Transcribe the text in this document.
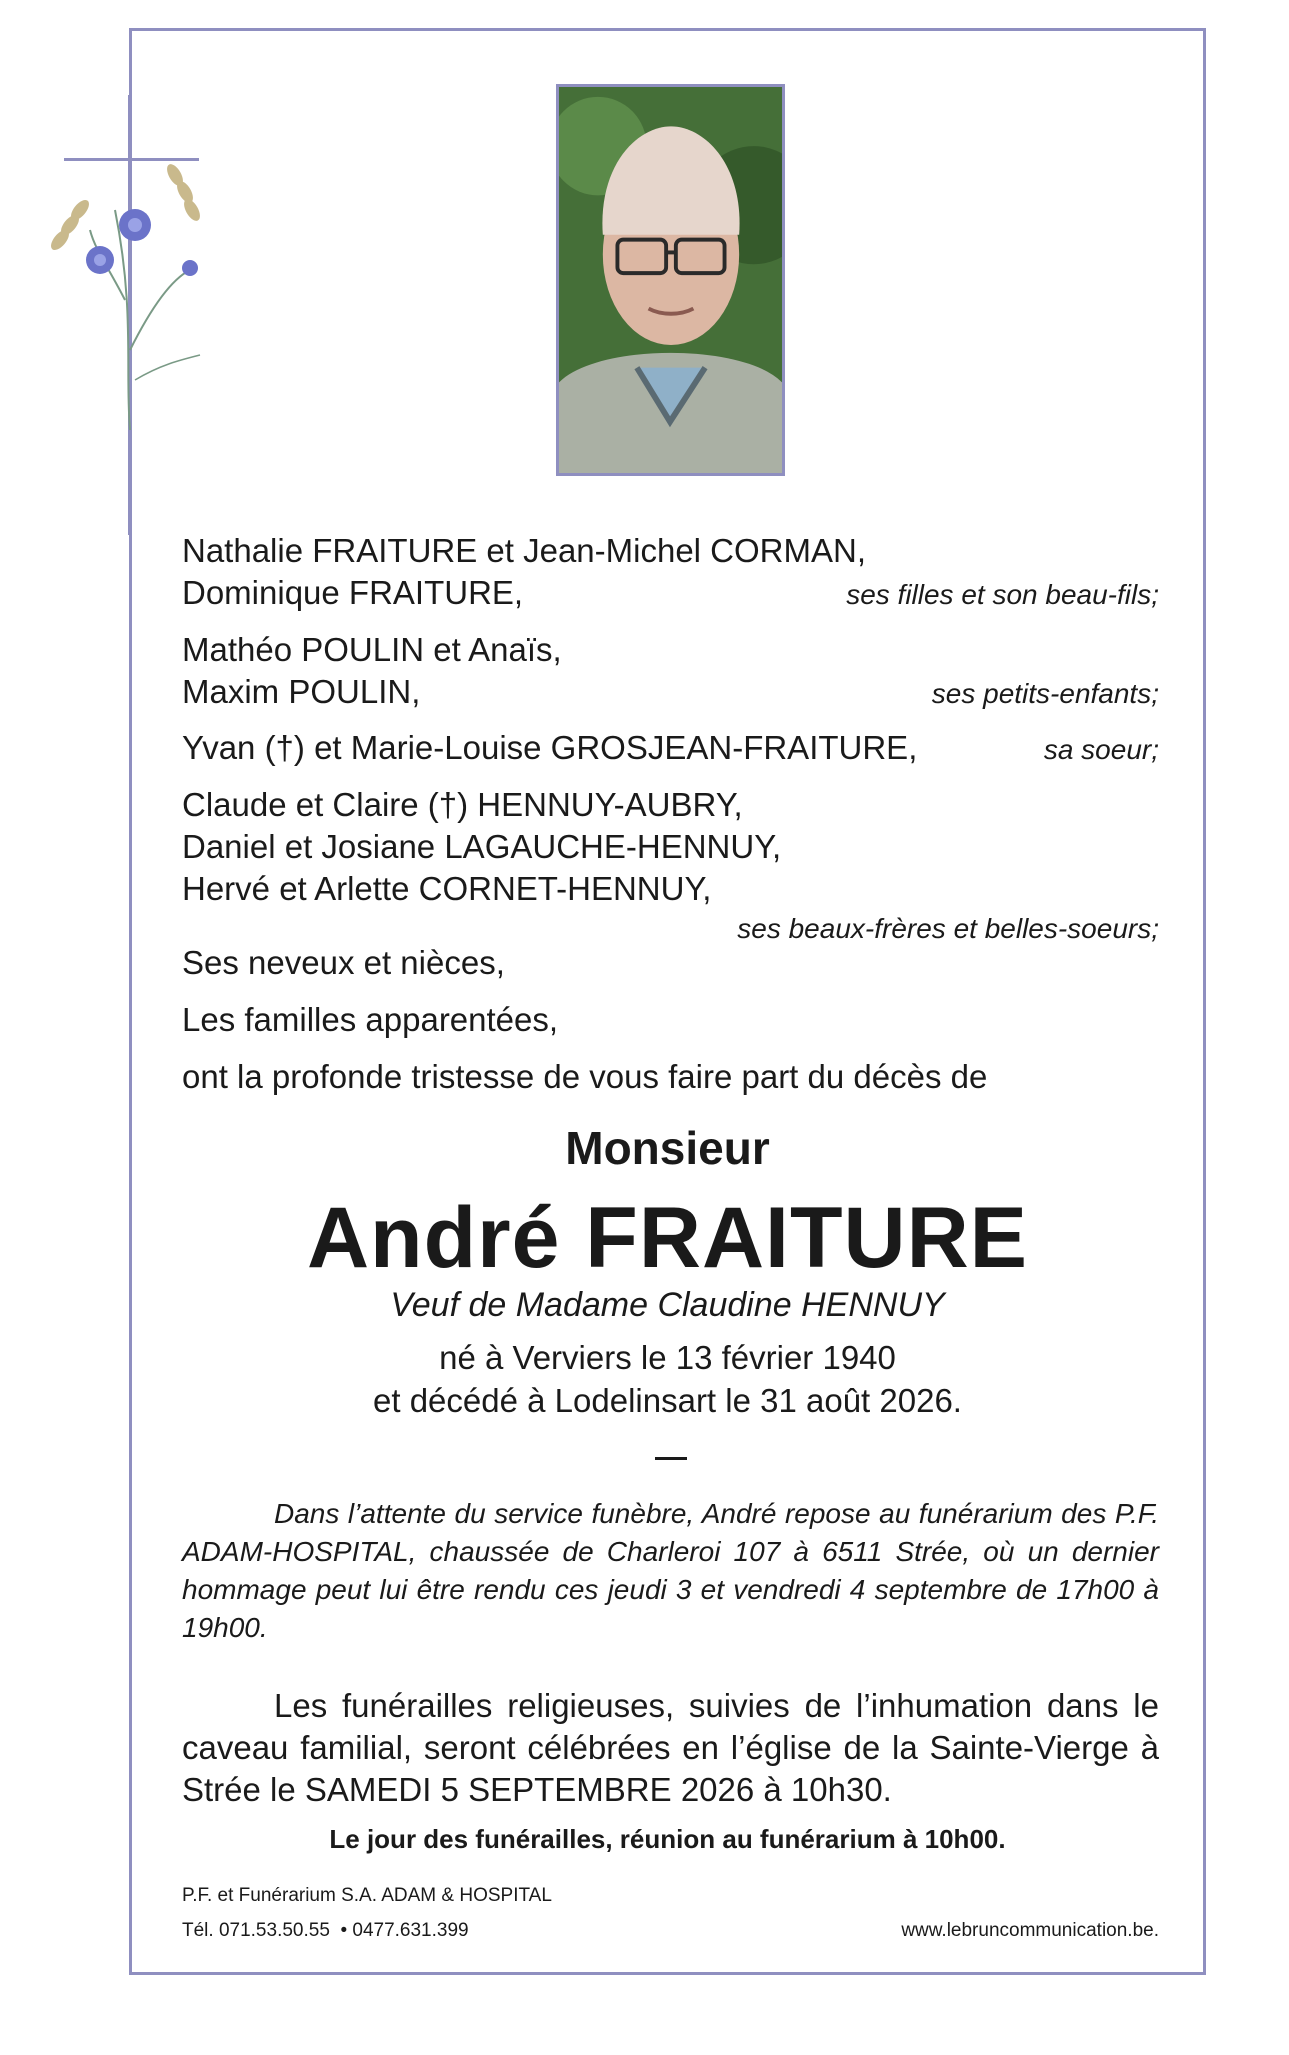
Nathalie FRAITURE et Jean-Michel CORMAN,
Dominique FRAITURE,	ses filles et son beau-fils;
Mathéo POULIN et Anaïs,
Maxim POULIN,	ses petits-enfants;
Yvan (†) et Marie-Louise GROSJEAN-FRAITURE,	sa soeur;
Claude et Claire (†) HENNUY-AUBRY,
Daniel et Josiane LAGAUCHE-HENNUY,
Hervé et Arlette CORNET-HENNUY,
ses beaux-frères et belles-soeurs;
Ses neveux et nièces,
Les familles apparentées,
ont la profonde tristesse de vous faire part du décès de
Monsieur
André FRAITURE
Veuf de Madame Claudine HENNUY
né à Verviers le 13 février 1940
et décédé à Lodelinsart le 31 août 2026.
Dans l’attente du service funèbre, André repose au funérarium des P.F. ADAM-HOSPITAL, chaussée de Charleroi 107 à 6511 Strée, où un dernier hommage peut lui être rendu ces jeudi 3 et vendredi 4 septembre de 17h00 à 19h00.
Les funérailles religieuses, suivies de l’inhumation dans le caveau familial, seront célébrées en l’église de la Sainte-Vierge à Strée le SAMEDI 5 SEPTEMBRE 2026 à 10h30.
Le jour des funérailles, réunion au funérarium à 10h00.
P.F. et Funérarium S.A. ADAM & HOSPITAL
Tél. 071.53.50.55  • 0477.631.399	www.lebruncommunication.be.
